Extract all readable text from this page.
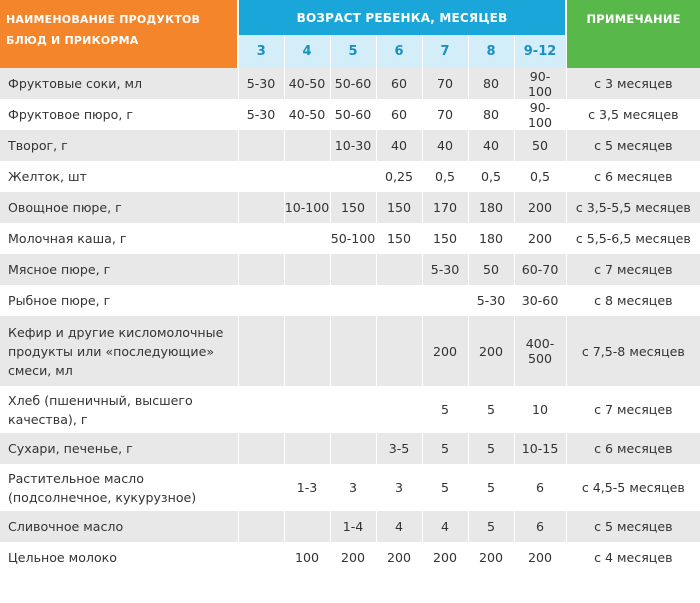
НАИМЕНОВАНИЕ ПРОДУКТОВ БЛЮД И ПРИКОРМА	ВОЗРАСТ РЕБЕНКА, МЕСЯЦЕВ							ПРИМЕЧАНИЕ
	3	4	5	6	7	8	9-12	
Фруктовые соки, мл	5-30	40-50	50-60	60	70	80	90-100	с 3 месяцев
Фруктовое пюро, г	5-30	40-50	50-60	60	70	80	90-100	с 3,5 месяцев
Творог, г			10-30	40	40	40	50	с 5 месяцев
Желток, шт				0,25	0,5	0,5	0,5	с 6 месяцев
Овощное пюре, г		10-100	150	150	170	180	200	с 3,5-5,5 месяцев
Молочная каша, г			50-100	150	150	180	200	с 5,5-6,5 месяцев
Мясное пюре, г					5-30	50	60-70	с 7 месяцев
Рыбное пюре, г						5-30	30-60	с 8 месяцев
Кефир и другие кисломолочные продукты или «последующие» смеси, мл					200	200	400-500	с 7,5-8 месяцев
Хлеб (пшеничный, высшего качества), г					5	5	10	с 7 месяцев
Сухари, печенье, г				3-5	5	5	10-15	с 6 месяцев
Растительное масло (подсолнечное, кукурузное)		1-3	3	3	5	5	6	с 4,5-5 месяцев
Сливочное масло			1-4	4	4	5	6	с 5 месяцев
Цельное молоко		100	200	200	200	200	200	с 4 месяцев
